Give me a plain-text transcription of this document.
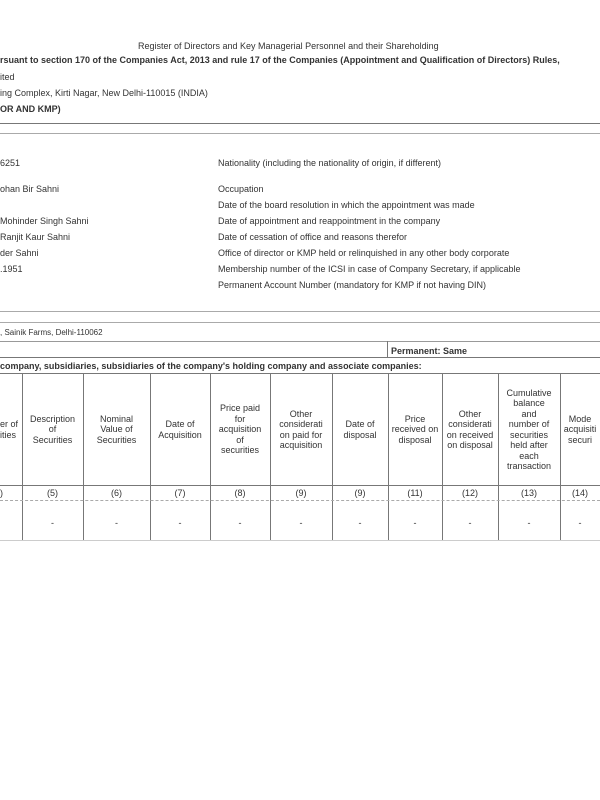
Register of Directors and Key Managerial Personnel and their Shareholding
rsuant to section 170 of the Companies Act, 2013 and rule 17 of the Companies (Appointment and Qualification of Directors) Rules,
ited
ing Complex, Kirti Nagar, New Delhi-110015 (INDIA)
OR AND KMP)
6251
ohan Bir Sahni
Mohinder Singh Sahni
Ranjit Kaur Sahni
der Sahni
.1951
Nationality (including the nationality of origin, if different)
Occupation
Date of the board resolution in which the appointment was made
Date of appointment and reappointment in the company
Date of cessation of office and reasons therefor
Office of director or KMP held or relinquished in any other body corporate
Membership number of the ICSI in case of Company Secretary, if applicable
Permanent Account Number (mandatory for KMP if not having DIN)
, Sainik Farms, Delhi-110062
Permanent: Same
company, subsidiaries, subsidiaries of the company's holding company and associate companies:
er of
ities
)
Description
of
Securities
(5)
-
Nominal
Value of
Securities
(6)
-
Date of
Acquisition
(7)
-
Price paid
for
acquisition
of
securities
(8)
-
Other
considerati
on paid for
acquisition
(9)
-
Date of
disposal
(9)
-
Price
received on
disposal
(11)
-
Other
considerati
on received
on disposal
(12)
-
Cumulative
balance
and
number of
securities
held after
each
transaction
(13)
-
Mode
acquisiti
securi
(14)
-
